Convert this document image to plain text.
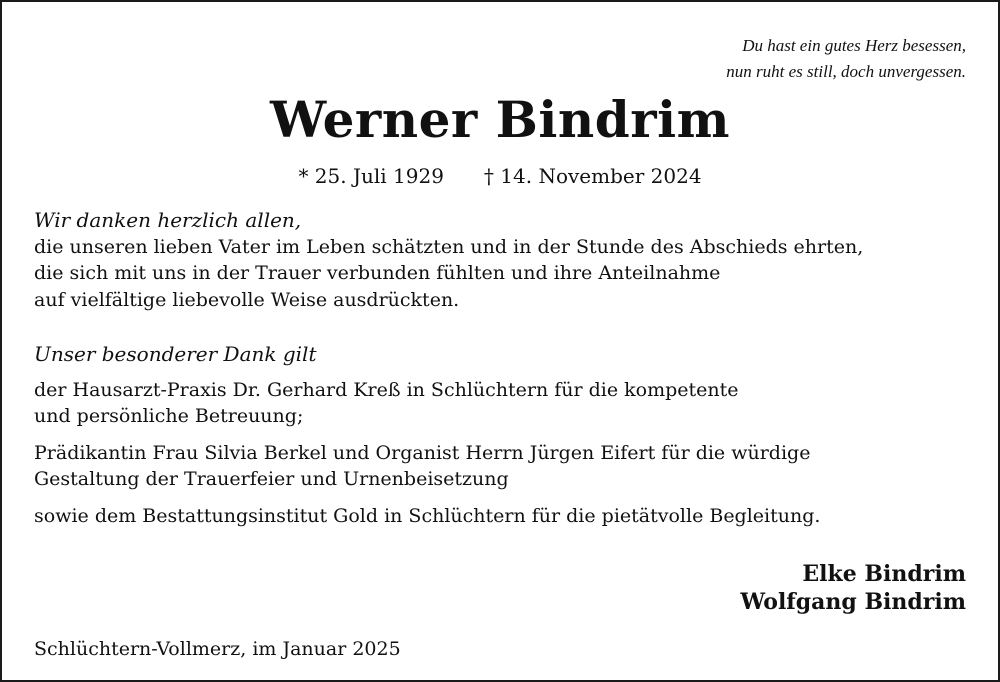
Du hast ein gutes Herz besessen,
nun ruht es still, doch unvergessen.
Werner Bindrim
* 25. Juli 1929 † 14. November 2024
Wir danken herzlich allen,
die unseren lieben Vater im Leben schätzten und in der Stunde des Abschieds ehrten,
die sich mit uns in der Trauer verbunden fühlten und ihre Anteilnahme
auf vielfältige liebevolle Weise ausdrückten.
Unser besonderer Dank gilt
der Hausarzt-Praxis Dr. Gerhard Kreß in Schlüchtern für die kompetente
und persönliche Betreuung;
Prädikantin Frau Silvia Berkel und Organist Herrn Jürgen Eifert für die würdige
Gestaltung der Trauerfeier und Urnenbeisetzung
sowie dem Bestattungsinstitut Gold in Schlüchtern für die pietätvolle Begleitung.
Elke Bindrim
Wolfgang Bindrim
Schlüchtern-Vollmerz, im Januar 2025
